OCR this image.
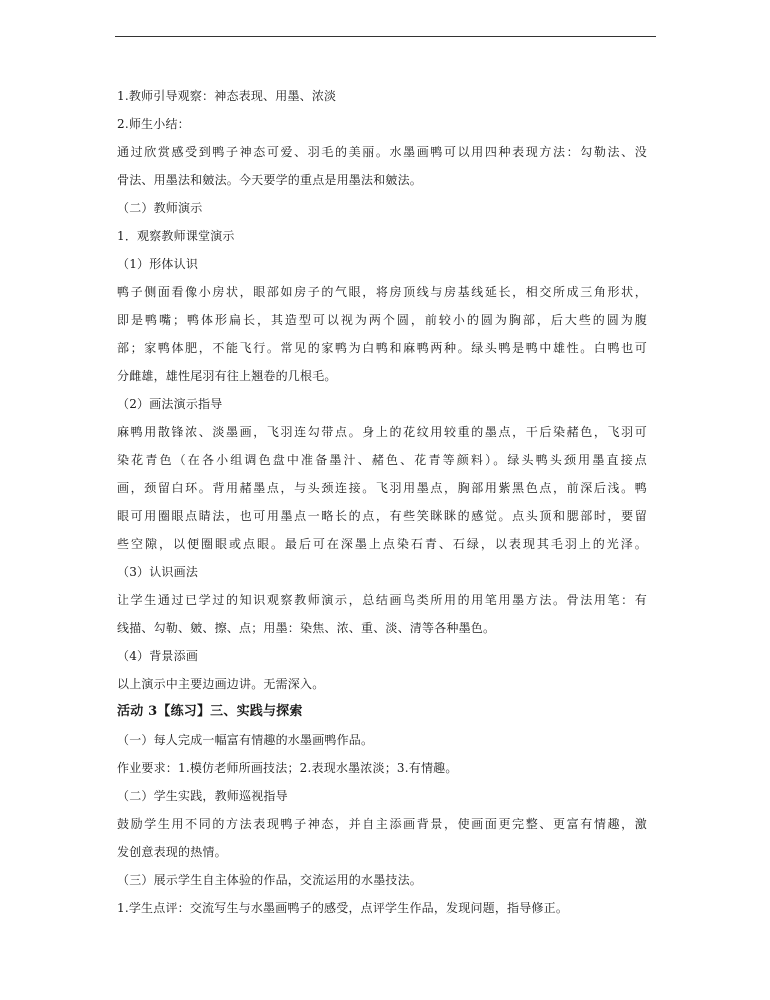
1.教师引导观察：神态表现、用墨、浓淡
2.师生小结：
通过欣赏感受到鸭子神态可爱、羽毛的美丽。水墨画鸭可以用四种表现方法：勾勒法、没
骨法、用墨法和皴法。今天要学的重点是用墨法和皴法。
（二）教师演示
1．观察教师课堂演示
（1）形体认识
鸭子侧面看像小房状，眼部如房子的气眼，将房顶线与房基线延长，相交所成三角形状，
即是鸭嘴；鸭体形扁长，其造型可以视为两个圆，前较小的圆为胸部，后大些的圆为腹
部；家鸭体肥，不能飞行。常见的家鸭为白鸭和麻鸭两种。绿头鸭是鸭中雄性。白鸭也可
分雌雄，雄性尾羽有往上翘卷的几根毛。
（2）画法演示指导
麻鸭用散锋浓、淡墨画，飞羽连勾带点。身上的花纹用较重的墨点，干后染赭色，飞羽可
染花青色（在各小组调色盘中准备墨汁、赭色、花青等颜料）。绿头鸭头颈用墨直接点
画，颈留白环。背用赭墨点，与头颈连接。飞羽用墨点，胸部用紫黑色点，前深后浅。鸭
眼可用圈眼点睛法，也可用墨点一略长的点，有些笑眯眯的感觉。点头顶和腮部时，要留
些空隙，以便圈眼或点眼。最后可在深墨上点染石青、石绿，以表现其毛羽上的光泽。
（3）认识画法
让学生通过已学过的知识观察教师演示，总结画鸟类所用的用笔用墨方法。骨法用笔：有
线描、勾勒、皴、擦、点；用墨：染焦、浓、重、淡、清等各种墨色。
（4）背景添画
以上演示中主要边画边讲。无需深入。
活动 3【练习】三、实践与探索
（一）每人完成一幅富有情趣的水墨画鸭作品。
作业要求：1.模仿老师所画技法；2.表现水墨浓淡；3.有情趣。
（二）学生实践，教师巡视指导
鼓励学生用不同的方法表现鸭子神态，并自主添画背景，使画面更完整、更富有情趣，激
发创意表现的热情。
（三）展示学生自主体验的作品，交流运用的水墨技法。
1.学生点评：交流写生与水墨画鸭子的感受，点评学生作品，发现问题，指导修正。
